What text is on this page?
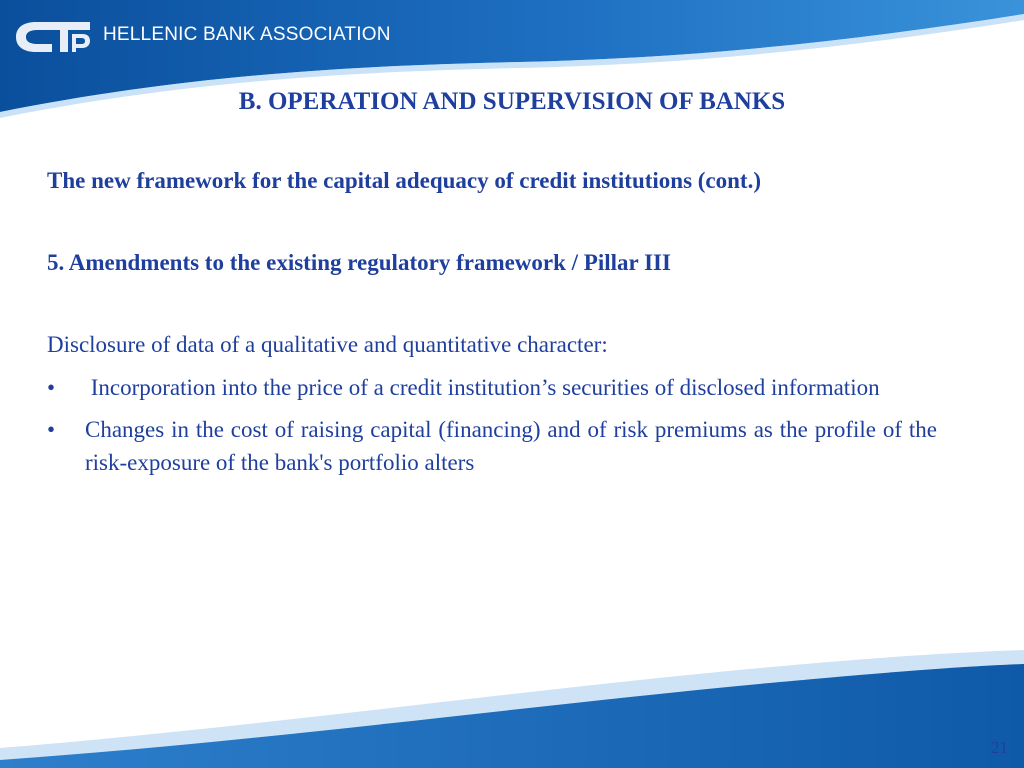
HELLENIC BANK ASSOCIATION
B. OPERATION AND SUPERVISION OF BANKS

The new framework for the capital adequacy of credit institutions (cont.)

5. Amendments to the existing regulatory framework / Pillar III

Disclosure of data of a qualitative and quantitative character:

• Incorporation into the price of a credit institution’s securities of disclosed information
• Changes in the cost of raising capital (financing) and of risk premiums as the profile of the risk-exposure of the bank's portfolio alters
21
